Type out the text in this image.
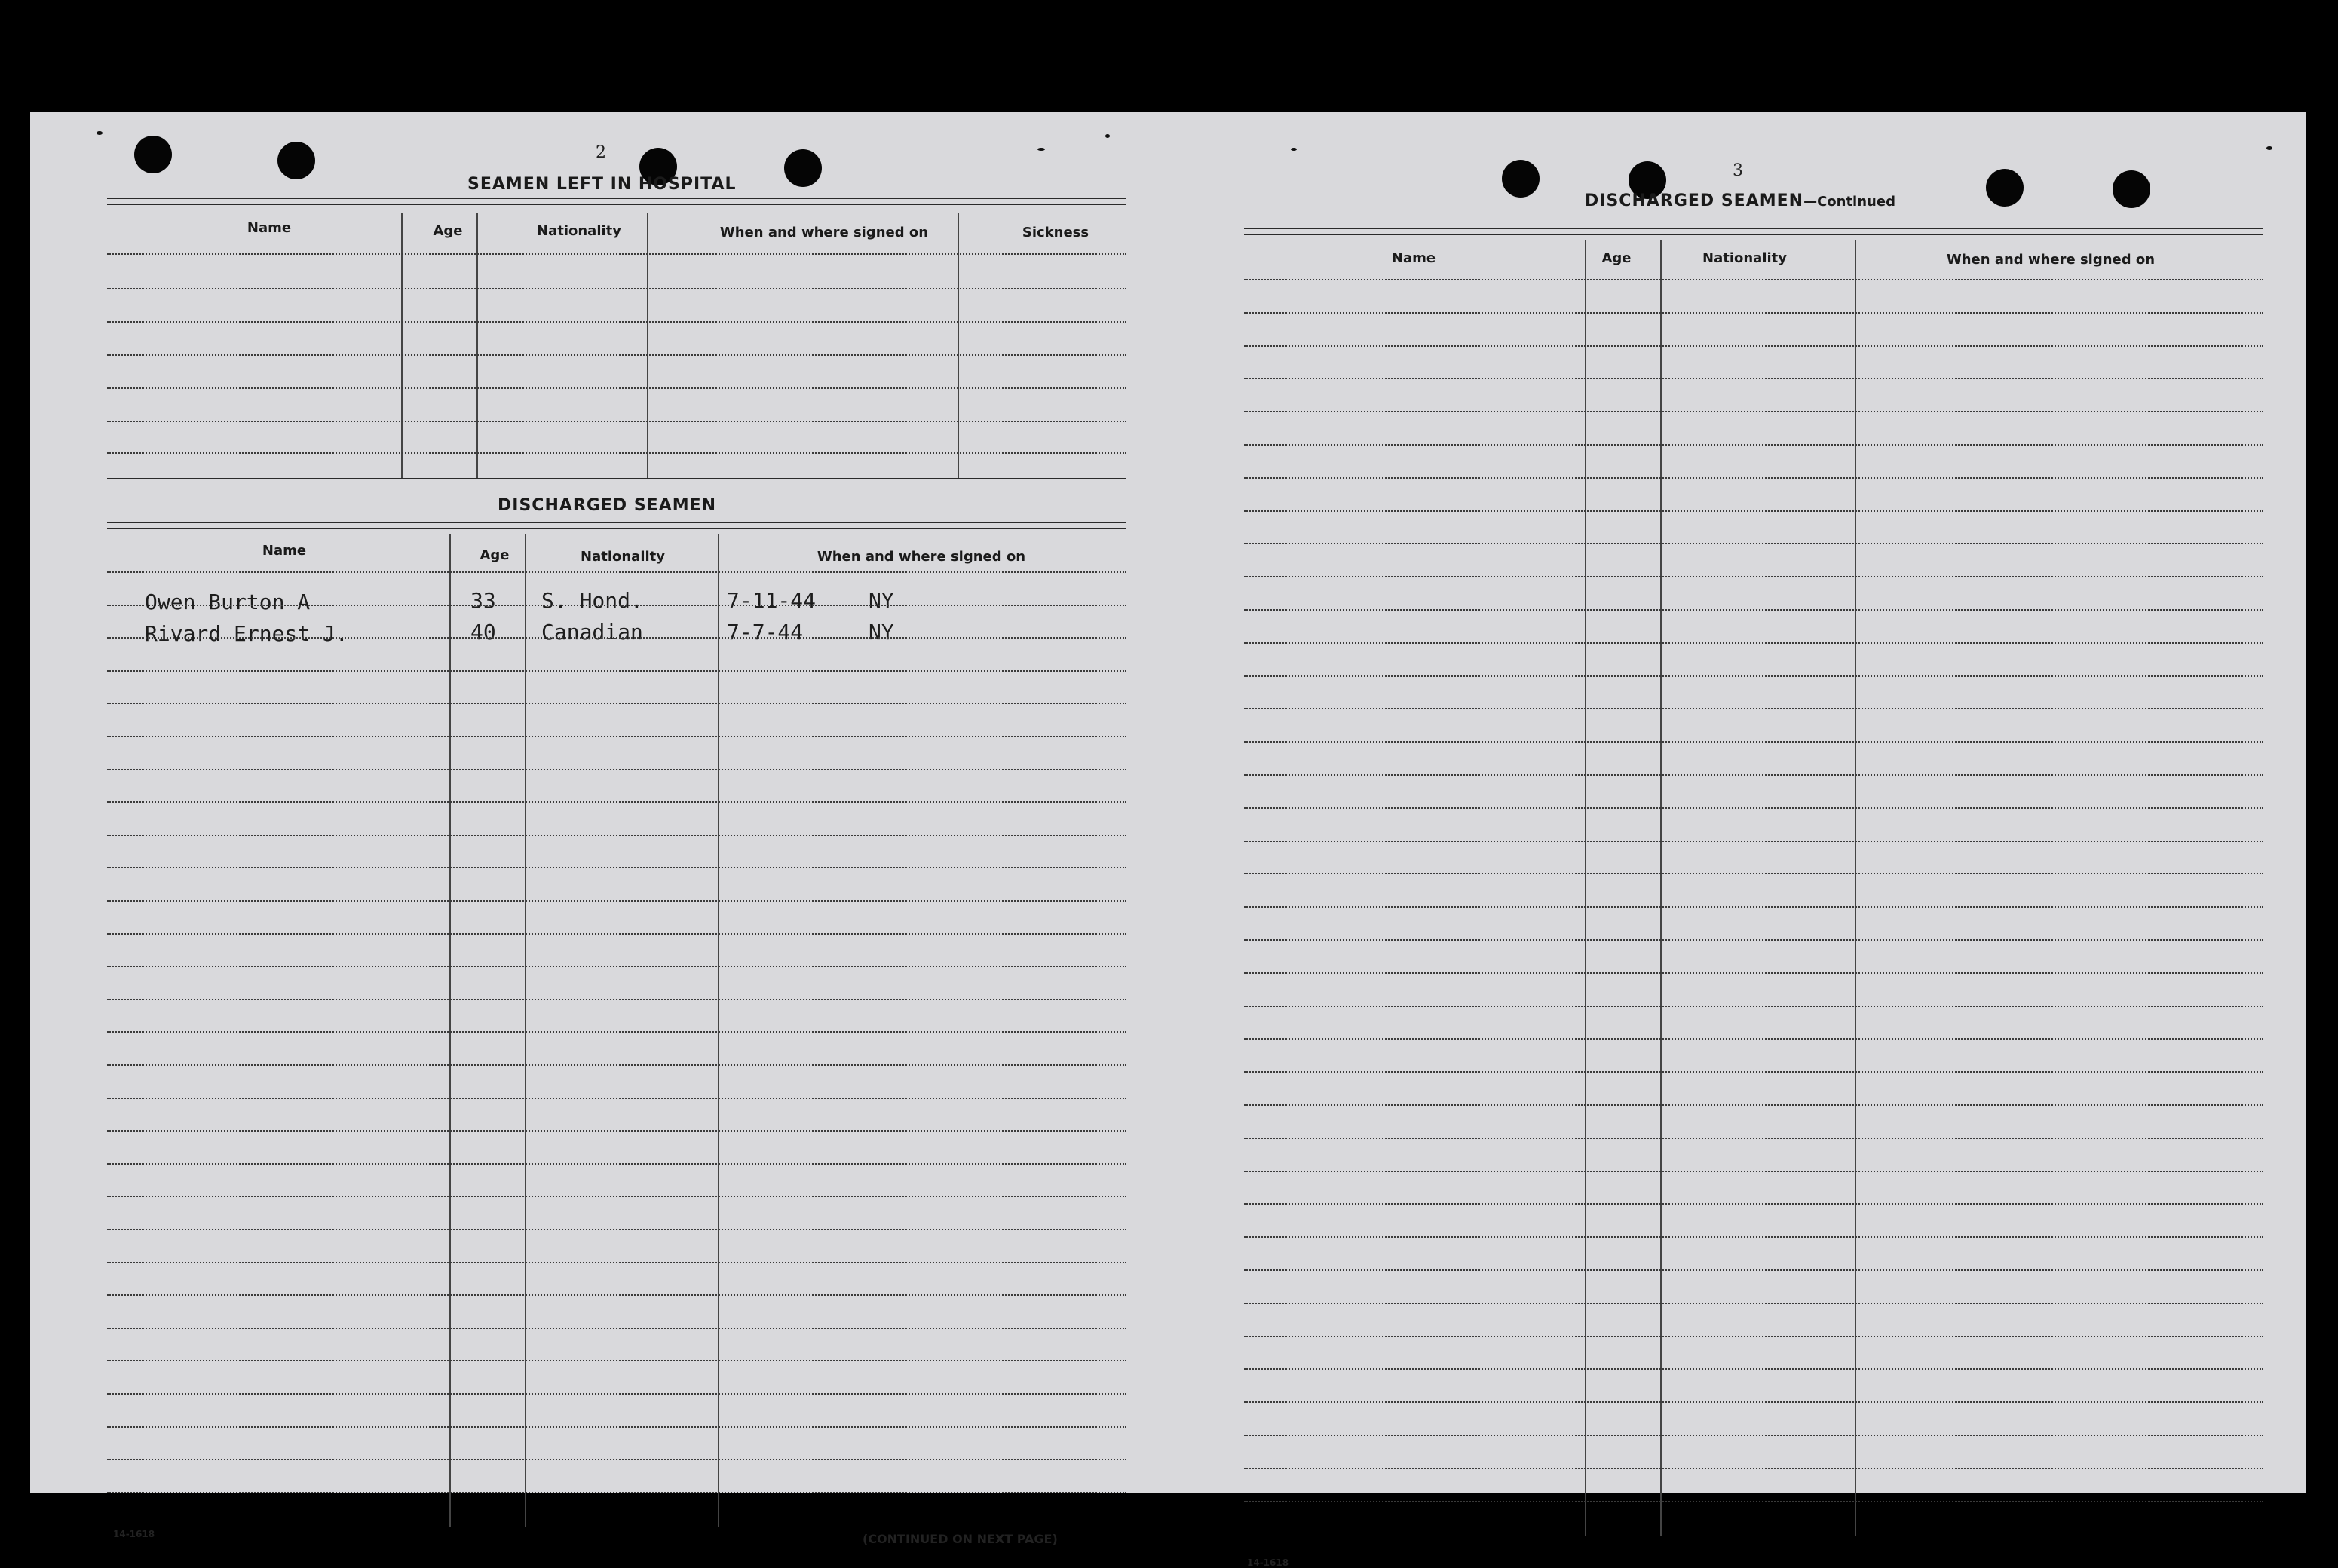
2
SEAMEN LEFT IN HOSPITAL
Name	Age	Nationality	When and where signed on	Sickness
DISCHARGED SEAMEN
Name	Age	Nationality	When and where signed on
Owen Burton A	33 S. Hond.	7-11-44 NY
Rivard Ernest J.	40 Canadian	7-7-44	NY
14-1618	(CONTINUED ON NEXT PAGE)
3
DISCHARGED SEAMEN—Continued
Name	Age	Nationality	When and where signed on
14-1618
